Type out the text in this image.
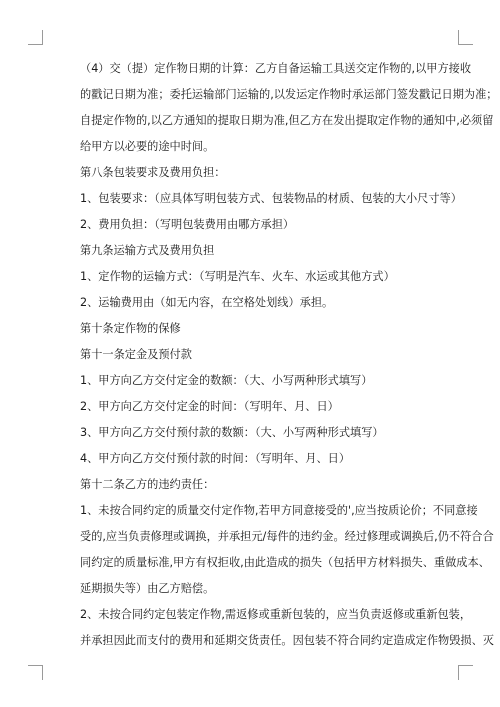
（4）交（提）定作物日期的计算：乙方自备运输工具送交定作物的,以甲方接收
的戳记日期为准；委托运输部门运输的,以发运定作物时承运部门签发戳记日期为准；
自提定作物的,以乙方通知的提取日期为准,但乙方在发出提取定作物的通知中,必须留
给甲方以必要的途中时间。
第八条包装要求及费用负担：
1、包装要求：（应具体写明包装方式、包装物品的材质、包装的大小尺寸等）
2、费用负担：（写明包装费用由哪方承担）
第九条运输方式及费用负担
1、定作物的运输方式：（写明是汽车、火车、水运或其他方式）
2、运输费用由（如无内容，在空格处划线）承担。
第十条定作物的保修
第十一条定金及预付款
1、甲方向乙方交付定金的数额：（大、小写两种形式填写）
2、甲方向乙方交付定金的时间：（写明年、月、日）
3、甲方向乙方交付预付款的数额：（大、小写两种形式填写）
4、甲方向乙方交付预付款的时间：（写明年、月、日）
第十二条乙方的违约责任：
1、未按合同约定的质量交付定作物,若甲方同意接受的',应当按质论价；不同意接
受的,应当负责修理或调换，并承担元/每件的违约金。经过修理或调换后,仍不符合合
同约定的质量标准,甲方有权拒收,由此造成的损失（包括甲方材料损失、重做成本、
延期损失等）由乙方赔偿。
2、未按合同约定包装定作物,需返修或重新包装的，应当负责返修或重新包装，
并承担因此而支付的费用和延期交货责任。因包装不符合同约定造成定作物毁损、灭
